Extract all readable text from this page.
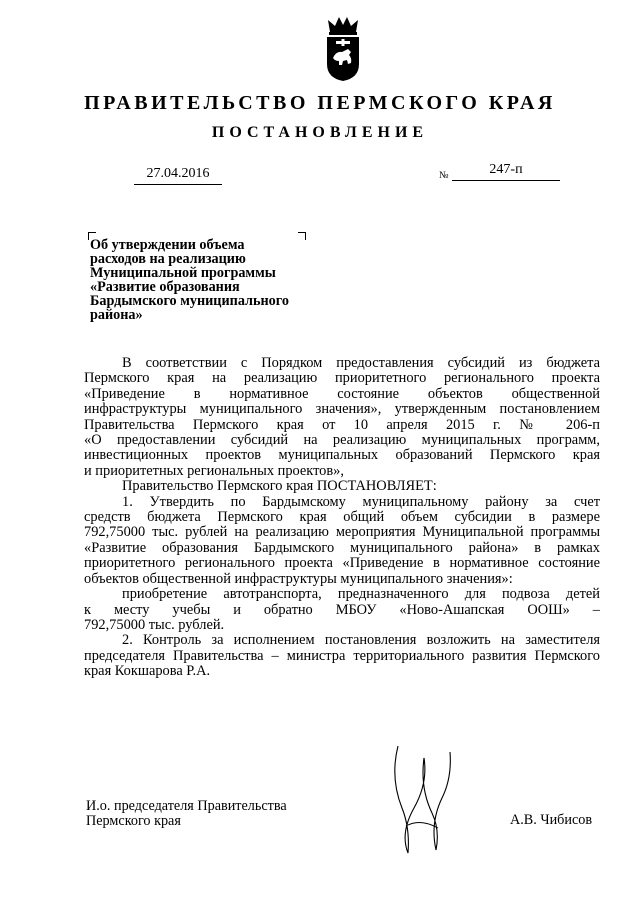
ПРАВИТЕЛЬСТВО ПЕРМСКОГО КРАЯ
ПОСТАНОВЛЕНИЕ
27.04.2016	№	247-п
Об утверждении объема
расходов на реализацию
Муниципальной программы
«Развитие образования
Бардымского муниципального
района»

В соответствии с Порядком предоставления субсидий из бюджета

Пермского края на реализацию приоритетного регионального проекта

«Приведение в нормативное состояние объектов общественной

инфраструктуры муниципального значения», утвержденным постановлением

Правительства Пермского края от 10 апреля 2015 г. № 206-п

«О предоставлении субсидий на реализацию муниципальных программ,

инвестиционных проектов муниципальных образований Пермского края

и приоритетных региональных проектов»,

Правительство Пермского края ПОСТАНОВЛЯЕТ:

1. Утвердить по Бардымскому муниципальному району за счет

средств бюджета Пермского края общий объем субсидии в размере

792,75000 тыс. рублей на реализацию мероприятия Муниципальной программы

«Развитие образования Бардымского муниципального района» в рамках

приоритетного регионального проекта «Приведение в нормативное состояние

объектов общественной инфраструктуры муниципального значения»:

приобретение автотранспорта, предназначенного для подвоза детей

к месту учебы и обратно МБОУ «Ново-Ашапская ООШ» –

792,75000 тыс. рублей.

2. Контроль за исполнением постановления возложить на заместителя

председателя Правительства – министра территориального развития Пермского

края Кокшарова Р.А.

И.о. председателя Правительства
Пермского края	А.В. Чибисов
